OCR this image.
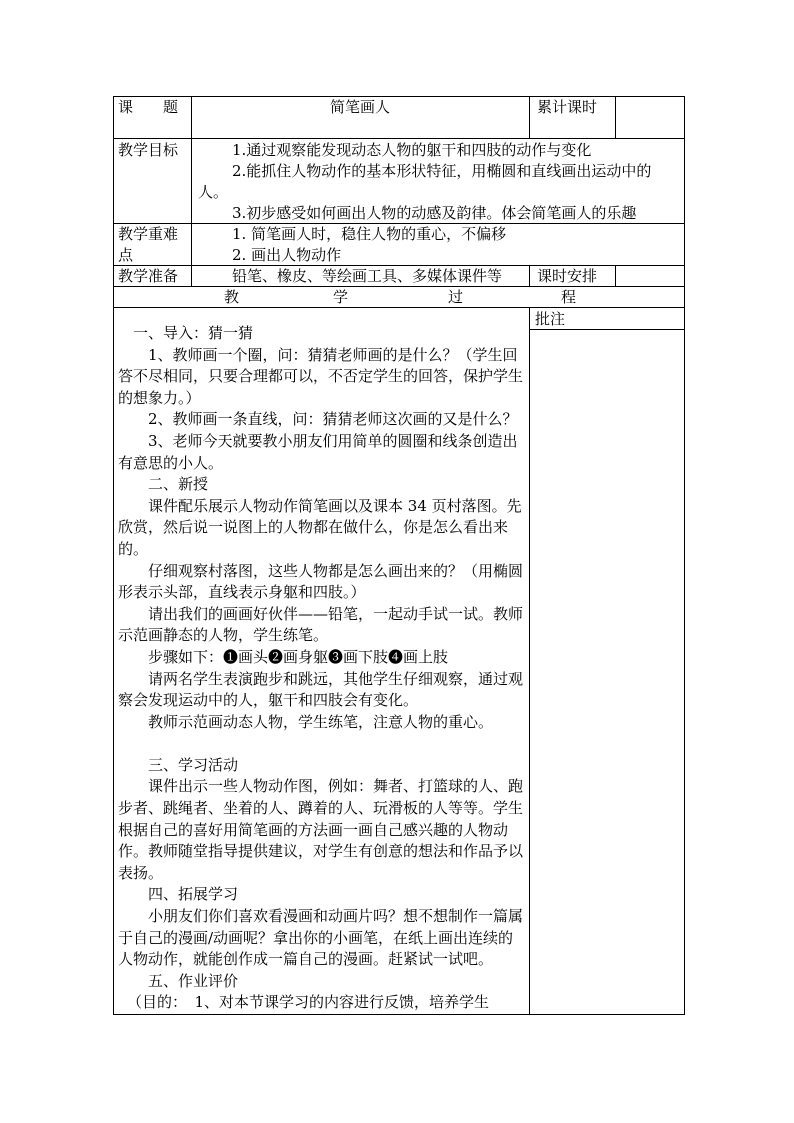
课　　题	简笔画人	累计课时
教学目标	1.通过观察能发现动态人物的躯干和四肢的动作与变化
2.能抓住人物动作的基本形状特征，用椭圆和直线画出运动中的
人。
3.初步感受如何画出人物的动感及韵律。体会简笔画人的乐趣
教学重难
点
1. 简笔画人时，稳住人物的重心，不偏移
2. 画出人物动作
教学准备	铅笔、橡皮、等绘画工具、多媒体课件等 课时安排
教	学	过	程
批注

　一、导入：猜一猜

1、教师画一个圈，问：猜猜老师画的是什么？（学生回答不尽相同，只要合理都可以，不否定学生的回答，保护学生的想象力。）

2、教师画一条直线，问：猜猜老师这次画的又是什么？

3、老师今天就要教小朋友们用简单的圆圈和线条创造出有意思的小人。

二、新授

课件配乐展示人物动作简笔画以及课本 34 页村落图。先欣赏，然后说一说图上的人物都在做什么，你是怎么看出来的。

仔细观察村落图，这些人物都是怎么画出来的？（用椭圆形表示头部，直线表示身躯和四肢。）

请出我们的画画好伙伴——铅笔，一起动手试一试。教师示范画静态的人物，学生练笔。

步骤如下：❶画头❷画身躯❸画下肢❹画上肢

请两名学生表演跑步和跳远，其他学生仔细观察，通过观察会发现运动中的人，躯干和四肢会有变化。

教师示范画动态人物，学生练笔，注意人物的重心。

三、学习活动

课件出示一些人物动作图，例如：舞者、打篮球的人、跑步者、跳绳者、坐着的人、蹲着的人、玩滑板的人等等。学生根据自己的喜好用简笔画的方法画一画自己感兴趣的人物动作。教师随堂指导提供建议，对学生有创意的想法和作品予以表扬。

四、拓展学习

小朋友们你们喜欢看漫画和动画片吗？想不想制作一篇属于自己的漫画/动画呢？拿出你的小画笔，在纸上画出连续的人物动作，就能创作成一篇自己的漫画。赶紧试一试吧。

五、作业评价

（目的：　1、对本节课学习的内容进行反馈，培养学生
